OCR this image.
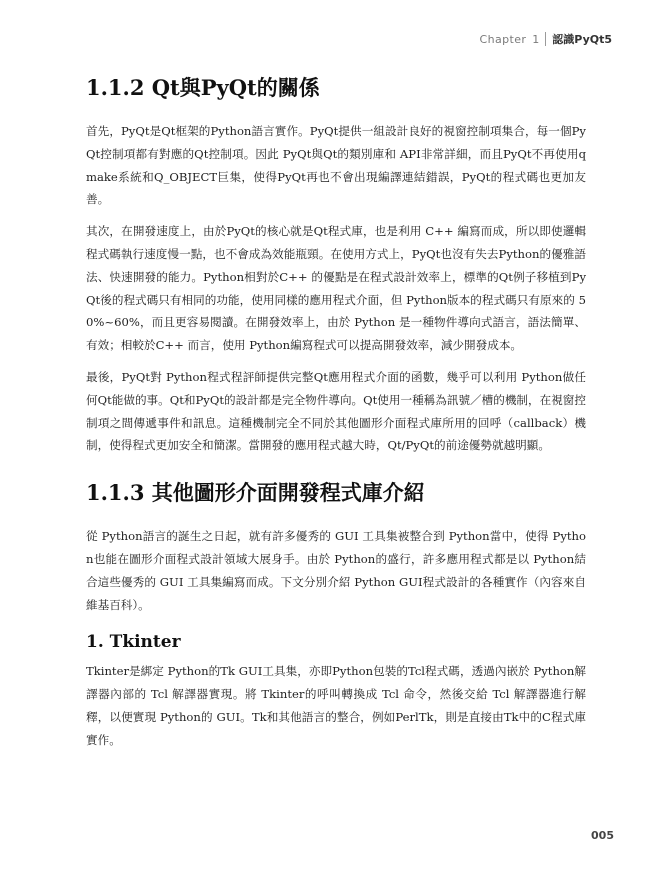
Chapter 1 認識PyQt5
1.1.2 Qt與PyQt的關係

首先，PyQt是Qt框架的Python語言實作。PyQt提供一組設計良好的視窗控制項集合，每一個PyQt控制項都有對應的Qt控制項。因此 PyQt與Qt的類別庫和 API非常詳細，而且PyQt不再使用qmake系統和Q_OBJECT巨集，使得PyQt再也不會出現編譯連結錯誤，PyQt的程式碼也更加友善。

其次，在開發速度上，由於PyQt的核心就是Qt程式庫，也是利用 C++ 編寫而成，所以即使邏輯程式碼執行速度慢一點，也不會成為效能瓶頸。在使用方式上，PyQt也沒有失去Python的優雅語法、快速開發的能力。Python相對於C++ 的優點是在程式設計效率上，標準的Qt例子移植到PyQt後的程式碼只有相同的功能，使用同樣的應用程式介面，但 Python版本的程式碼只有原來的 50%~60%，而且更容易閱讀。在開發效率上，由於 Python 是一種物件導向式語言，語法簡單、有效；相較於C++ 而言，使用 Python編寫程式可以提高開發效率，減少開發成本。

最後，PyQt對 Python程式程評師提供完整Qt應用程式介面的函數，幾乎可以利用 Python做任何Qt能做的事。Qt和PyQt的設計都是完全物件導向。Qt使用一種稱為訊號／槽的機制，在視窗控制項之間傳遞事件和訊息。這種機制完全不同於其他圖形介面程式庫所用的回呼（callback）機制，使得程式更加安全和簡潔。當開發的應用程式越大時，Qt/PyQt的前途優勢就越明顯。

1.1.3 其他圖形介面開發程式庫介紹

從 Python語言的誕生之日起，就有許多優秀的 GUI 工具集被整合到 Python當中，使得 Python也能在圖形介面程式設計領域大展身手。由於 Python的盛行，許多應用程式都是以 Python結合這些優秀的 GUI 工具集編寫而成。下文分別介紹 Python GUI程式設計的各種實作（內容來自維基百科）。

1. Tkinter

Tkinter是綁定 Python的Tk GUI工具集，亦即Python包裝的Tcl程式碼，透過內嵌於 Python解譯器內部的 Tcl 解譯器實現。將 Tkinter的呼叫轉換成 Tcl 命令，然後交給 Tcl 解譯器進行解釋，以便實現 Python的 GUI。Tk和其他語言的整合，例如PerlTk，則是直接由Tk中的C程式庫實作。

005
